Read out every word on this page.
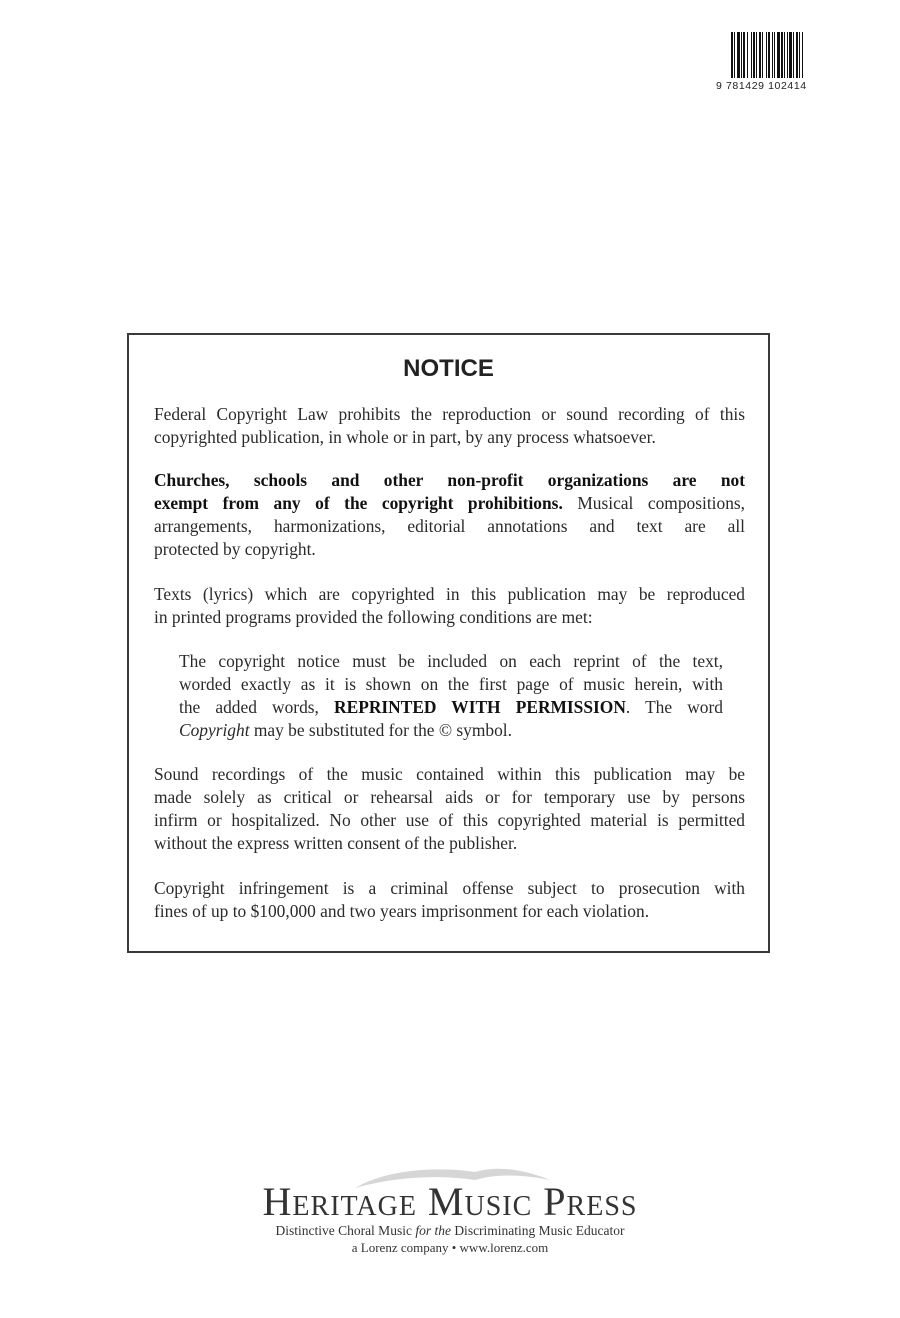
9 781429 102414
NOTICE
Federal Copyright Law prohibits the reproduction or sound recording of this
copyrighted publication, in whole or in part, by any process whatsoever.
Churches, schools and other non-profit organizations are not
exempt from any of the copyright prohibitions. Musical compositions,
arrangements, harmonizations, editorial annotations and text are all
protected by copyright.
Texts (lyrics) which are copyrighted in this publication may be reproduced
in printed programs provided the following conditions are met:
The copyright notice must be included on each reprint of the text,
worded exactly as it is shown on the first page of music herein, with
the added words, REPRINTED WITH PERMISSION. The word
Copyright may be substituted for the © symbol.
Sound recordings of the music contained within this publication may be
made solely as critical or rehearsal aids or for temporary use by persons
infirm or hospitalized. No other use of this copyrighted material is permitted
without the express written consent of the publisher.
Copyright infringement is a criminal offense subject to prosecution with
fines of up to $100,000 and two years imprisonment for each violation.
Heritage Music Press
Distinctive Choral Music for the Discriminating Music Educator
a Lorenz company • www.lorenz.com
